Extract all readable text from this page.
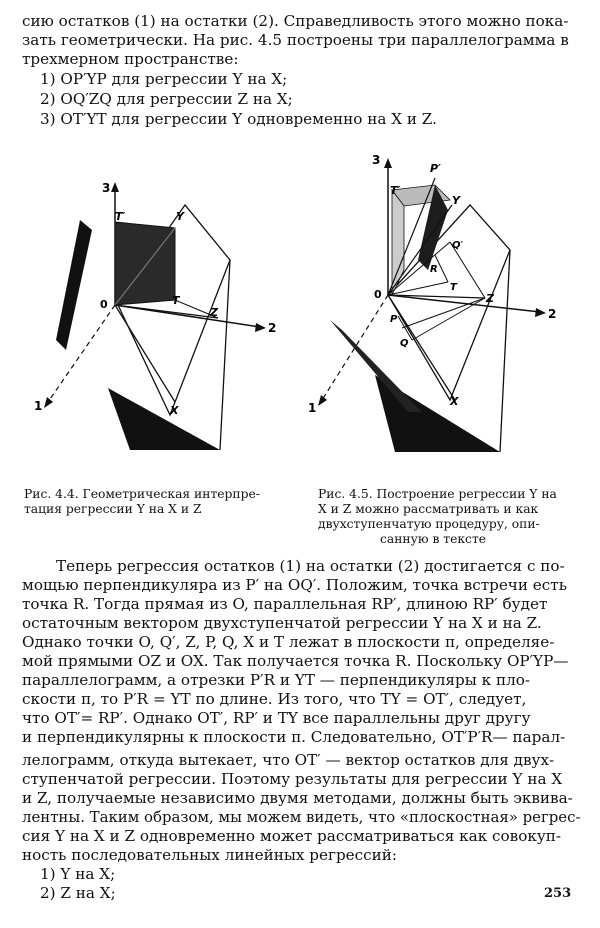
сию остатков (1) на остатки (2). Справедливость этого можно пока-
зать геометрически. На рис. 4.5 построены три параллелограмма в
трехмерном пространстве:
1) OP′YP для регрессии Y на X;
2) OQ′ZQ для регрессии Z на X;
3) OT′YT для регрессии Y одновременно на X и Z.
3
2
1
T′	Y
0	T
Z
X
3
2
1
P′
T′
Y
Q′
R
0
T
Z
P
Q
X
Рис. 4.4. Геометрическая интерпре-
тация регрессии Y на X и Z
Рис. 4.5. Построение регрессии Y на
X и Z можно рассматривать и как
двухступенчатую процедуру, опи-
санную в тексте
Теперь регрессия остатков (1) на остатки (2) достигается с по-
мощью перпендикуляра из P′ на OQ′. Положим, точка встречи есть
точка R. Тогда прямая из O, параллельная RP′, длиною RP′ будет
остаточным вектором двухступенчатой регрессии Y на X и на Z.
Однако точки O, Q′, Z, P, Q, X и T лежат в плоскости π, определяе-
мой прямыми OZ и OX. Так получается точка R. Поскольку OP′YP—
параллелограмм, а отрезки P′R и YT — перпендикуляры к пло-
скости π, то P′R = YT по длине. Из того, что TY = OT′, следует,
что OT′= RP′. Однако OT′, RP′ и TY все параллельны друг другу
и перпендикулярны к плоскости π. Следовательно, OT′P′R— парал-
лелограмм, откуда вытекает, что OT′ — вектор остатков для двух-
ступенчатой регрессии. Поэтому результаты для регрессии Y на X
и Z, получаемые независимо двумя методами, должны быть эквива-
лентны. Таким образом, мы можем видеть, что «плоскостная» регрес-
сия Y на X и Z одновременно может рассматриваться как совокуп-
ность последовательных линейных регрессий:
1) Y на X;
2) Z на X;	253
